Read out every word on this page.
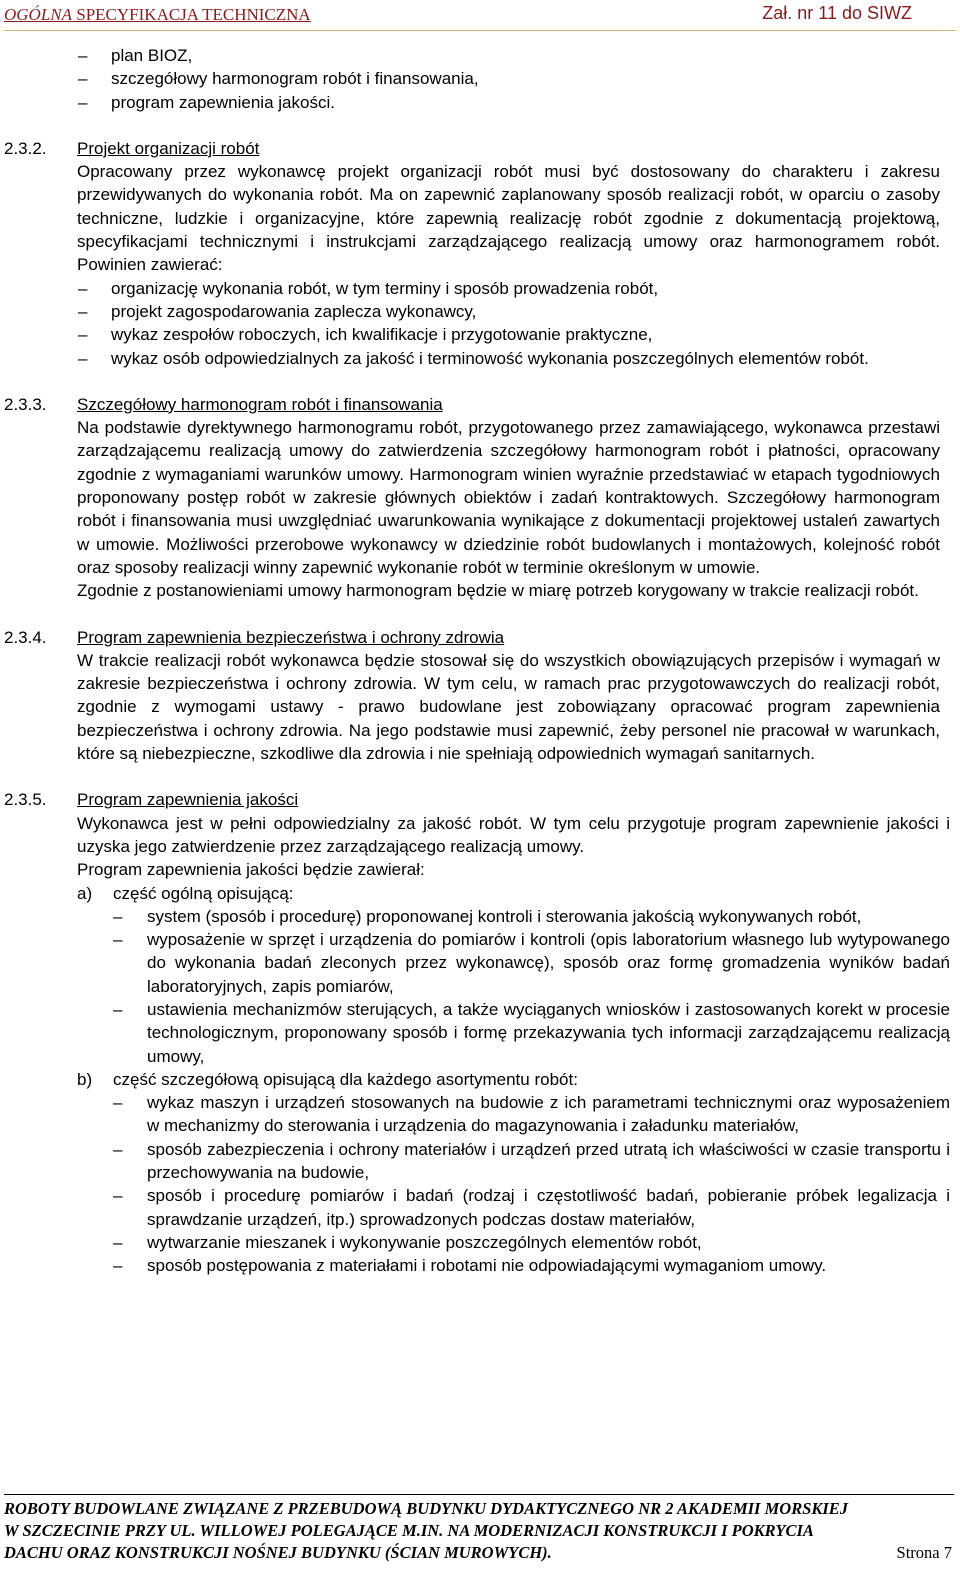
OGÓLNA SPECYFIKACJA TECHNICZNA	Zał. nr 11 do SIWZ
– plan BIOZ,
– szczegółowy harmonogram robót i finansowania,
– program zapewnienia jakości.
2.3.2. Projekt organizacji robót
Opracowany przez wykonawcę projekt organizacji robót musi być dostosowany do charakteru i zakresu przewidywanych do wykonania robót. Ma on zapewnić zaplanowany sposób realizacji robót, w oparciu o zasoby techniczne, ludzkie i organizacyjne, które zapewnią realizację robót zgodnie z dokumentacją projektową, specyfikacjami technicznymi i instrukcjami zarządzającego realizacją umowy oraz harmonogramem robót. Powinien zawierać:
– organizację wykonania robót, w tym terminy i sposób prowadzenia robót,
– projekt zagospodarowania zaplecza wykonawcy,
– wykaz zespołów roboczych, ich kwalifikacje i przygotowanie praktyczne,
– wykaz osób odpowiedzialnych za jakość i terminowość wykonania poszczególnych elementów robót.
2.3.3. Szczegółowy harmonogram robót i finansowania
Na podstawie dyrektywnego harmonogramu robót, przygotowanego przez zamawiającego, wykonawca przestawi zarządzającemu realizacją umowy do zatwierdzenia szczegółowy harmonogram robót i płatności, opracowany zgodnie z wymaganiami warunków umowy. Harmonogram winien wyraźnie przedstawiać w etapach tygodniowych proponowany postęp robót w zakresie głównych obiektów i zadań kontraktowych. Szczegółowy harmonogram robót i finansowania musi uwzględniać uwarunkowania wynikające z dokumentacji projektowej ustaleń zawartych w umowie. Możliwości przerobowe wykonawcy w dziedzinie robót budowlanych i montażowych, kolejność robót oraz sposoby realizacji winny zapewnić wykonanie robót w terminie określonym w umowie.
Zgodnie z postanowieniami umowy harmonogram będzie w miarę potrzeb korygowany w trakcie realizacji robót.
2.3.4. Program zapewnienia bezpieczeństwa i ochrony zdrowia
W trakcie realizacji robót wykonawca będzie stosował się do wszystkich obowiązujących przepisów i wymagań w zakresie bezpieczeństwa i ochrony zdrowia. W tym celu, w ramach prac przygotowawczych do realizacji robót, zgodnie z wymogami ustawy - prawo budowlane jest zobowiązany opracować program zapewnienia bezpieczeństwa i ochrony zdrowia. Na jego podstawie musi zapewnić, żeby personel nie pracował w warunkach, które są niebezpieczne, szkodliwe dla zdrowia i nie spełniają odpowiednich wymagań sanitarnych.
2.3.5. Program zapewnienia jakości
Wykonawca jest w pełni odpowiedzialny za jakość robót. W tym celu przygotuje program zapewnienie jakości i uzyska jego zatwierdzenie przez zarządzającego realizacją umowy.
Program zapewnienia jakości będzie zawierał:
a) część ogólną opisującą:
– system (sposób i procedurę) proponowanej kontroli i sterowania jakością wykonywanych robót,
– wyposażenie w sprzęt i urządzenia do pomiarów i kontroli (opis laboratorium własnego lub wytypowanego do wykonania badań zleconych przez wykonawcę), sposób oraz formę gromadzenia wyników badań laboratoryjnych, zapis pomiarów,
– ustawienia mechanizmów sterujących, a także wyciąganych wniosków i zastosowanych korekt w procesie technologicznym, proponowany sposób i formę przekazywania tych informacji zarządzającemu realizacją umowy,
b) część szczegółową opisującą dla każdego asortymentu robót:
– wykaz maszyn i urządzeń stosowanych na budowie z ich parametrami technicznymi oraz wyposażeniem w mechanizmy do sterowania i urządzenia do magazynowania i załadunku materiałów,
– sposób zabezpieczenia i ochrony materiałów i urządzeń przed utratą ich właściwości w czasie transportu i przechowywania na budowie,
– sposób i procedurę pomiarów i badań (rodzaj i częstotliwość badań, pobieranie próbek legalizacja i sprawdzanie urządzeń, itp.) sprowadzonych podczas dostaw materiałów,
– wytwarzanie mieszanek i wykonywanie poszczególnych elementów robót,
– sposób postępowania z materiałami i robotami nie odpowiadającymi wymaganiom umowy.
ROBOTY BUDOWLANE ZWIĄZANE Z PRZEBUDOWĄ BUDYNKU DYDAKTYCZNEGO NR 2 AKADEMII MORSKIEJ
W SZCZECINIE PRZY UL. WILLOWEJ POLEGAJĄCE M.IN. NA MODERNIZACJI KONSTRUKCJI I POKRYCIA
DACHU ORAZ KONSTRUKCJI NOŚNEJ BUDYNKU (ŚCIAN MUROWYCH).	Strona 7
